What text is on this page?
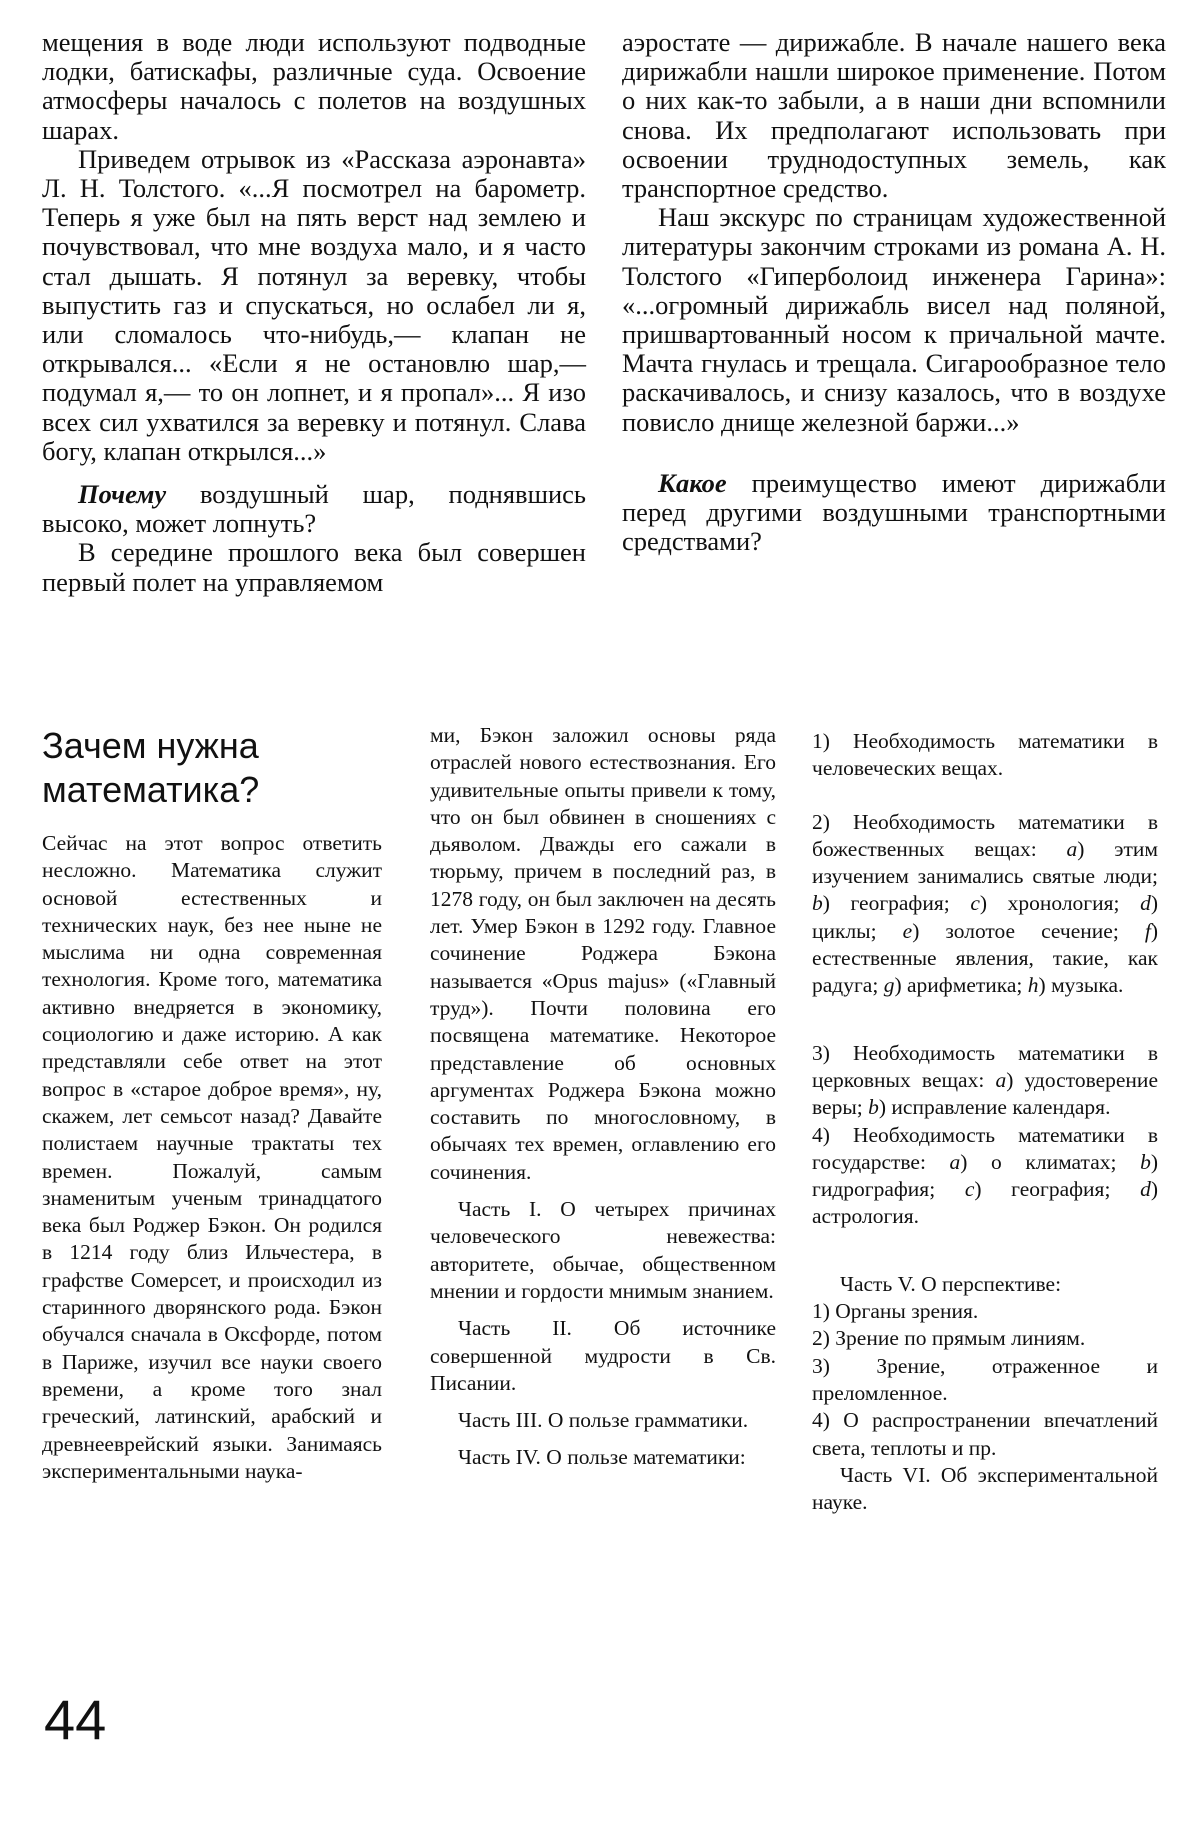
мещения в воде люди используют подводные лодки, батискафы, различные суда. Освоение атмосферы началось с полетов на воздушных шарах.

Приведем отрывок из «Рассказа аэронавта» Л. Н. Толстого. «...Я посмотрел на барометр. Теперь я уже был на пять верст над землею и почувствовал, что мне воздуха мало, и я часто стал дышать. Я потянул за веревку, чтобы выпустить газ и спускаться, но ослабел ли я, или сломалось что-нибудь,— клапан не открывался... «Если я не остановлю шар,— подумал я,— то он лопнет, и я пропал»... Я изо всех сил ухватился за веревку и потянул. Слава богу, клапан открылся...»

Почему воздушный шар, поднявшись высоко, может лопнуть?

В середине прошлого века был совершен первый полет на управляемом

аэростате — дирижабле. В начале нашего века дирижабли нашли широкое применение. Потом о них как-то забыли, а в наши дни вспомнили снова. Их предполагают использовать при освоении труднодоступных земель, как транспортное средство.

Наш экскурс по страницам художественной литературы закончим строками из романа А. Н. Толстого «Гиперболоид инженера Гарина»: «...огромный дирижабль висел над поляной, пришвартованный носом к причальной мачте. Мачта гнулась и трещала. Сигарообразное тело раскачивалось, и снизу казалось, что в воздухе повисло днище железной баржи...»

Какое преимущество имеют дирижабли перед другими воздушными транспортными средствами?

Зачем нужна математика?

Сейчас на этот вопрос ответить несложно. Математика служит основой естественных и технических наук, без нее ныне не мыслима ни одна современная технология. Кроме того, математика активно внедряется в экономику, социологию и даже историю. А как представляли себе ответ на этот вопрос в «старое доброе время», ну, скажем, лет семьсот назад? Давайте полистаем научные трактаты тех времен. Пожалуй, самым знаменитым ученым тринадцатого века был Роджер Бэкон. Он родился в 1214 году близ Ильчестера, в графстве Сомерсет, и происходил из старинного дворянского рода. Бэкон обучался сначала в Оксфорде, потом в Париже, изучил все науки своего времени, а кроме того знал греческий, латинский, арабский и древнееврейский языки. Занимаясь экспериментальными наука-

ми, Бэкон заложил основы ряда отраслей нового естествознания. Его удивительные опыты привели к тому, что он был обвинен в сношениях с дьяволом. Дважды его сажали в тюрьму, причем в последний раз, в 1278 году, он был заключен на десять лет. Умер Бэкон в 1292 году. Главное сочинение Роджера Бэкона называется «Opus majus» («Главный труд»). Почти половина его посвящена математике. Некоторое представление об основных аргументах Роджера Бэкона можно составить по многословному, в обычаях тех времен, оглавлению его сочинения.

Часть I. О четырех причинах человеческого невежества: авторитете, обычае, общественном мнении и гордости мнимым знанием.

Часть II. Об источнике совершенной мудрости в Св. Писании.

Часть III. О пользе грамматики.

Часть IV. О пользе математики:

1) Необходимость математики в человеческих вещах.

2) Необходимость математики в божественных вещах: a) этим изучением занимались святые люди; b) география; c) хронология; d) циклы; e) золотое сечение; f) естественные явления, такие, как радуга; g) арифметика; h) музыка.

3) Необходимость математики в церковных вещах: a) удостоверение веры; b) исправление календаря.

4) Необходимость математики в государстве: a) о климатах; b) гидрография; c) география; d) астрология.

Часть V. О перспективе:

1) Органы зрения.

2) Зрение по прямым линиям.

3) Зрение, отраженное и преломленное.

4) О распространении впечатлений света, теплоты и пр.

Часть VI. Об экспериментальной науке.

44
